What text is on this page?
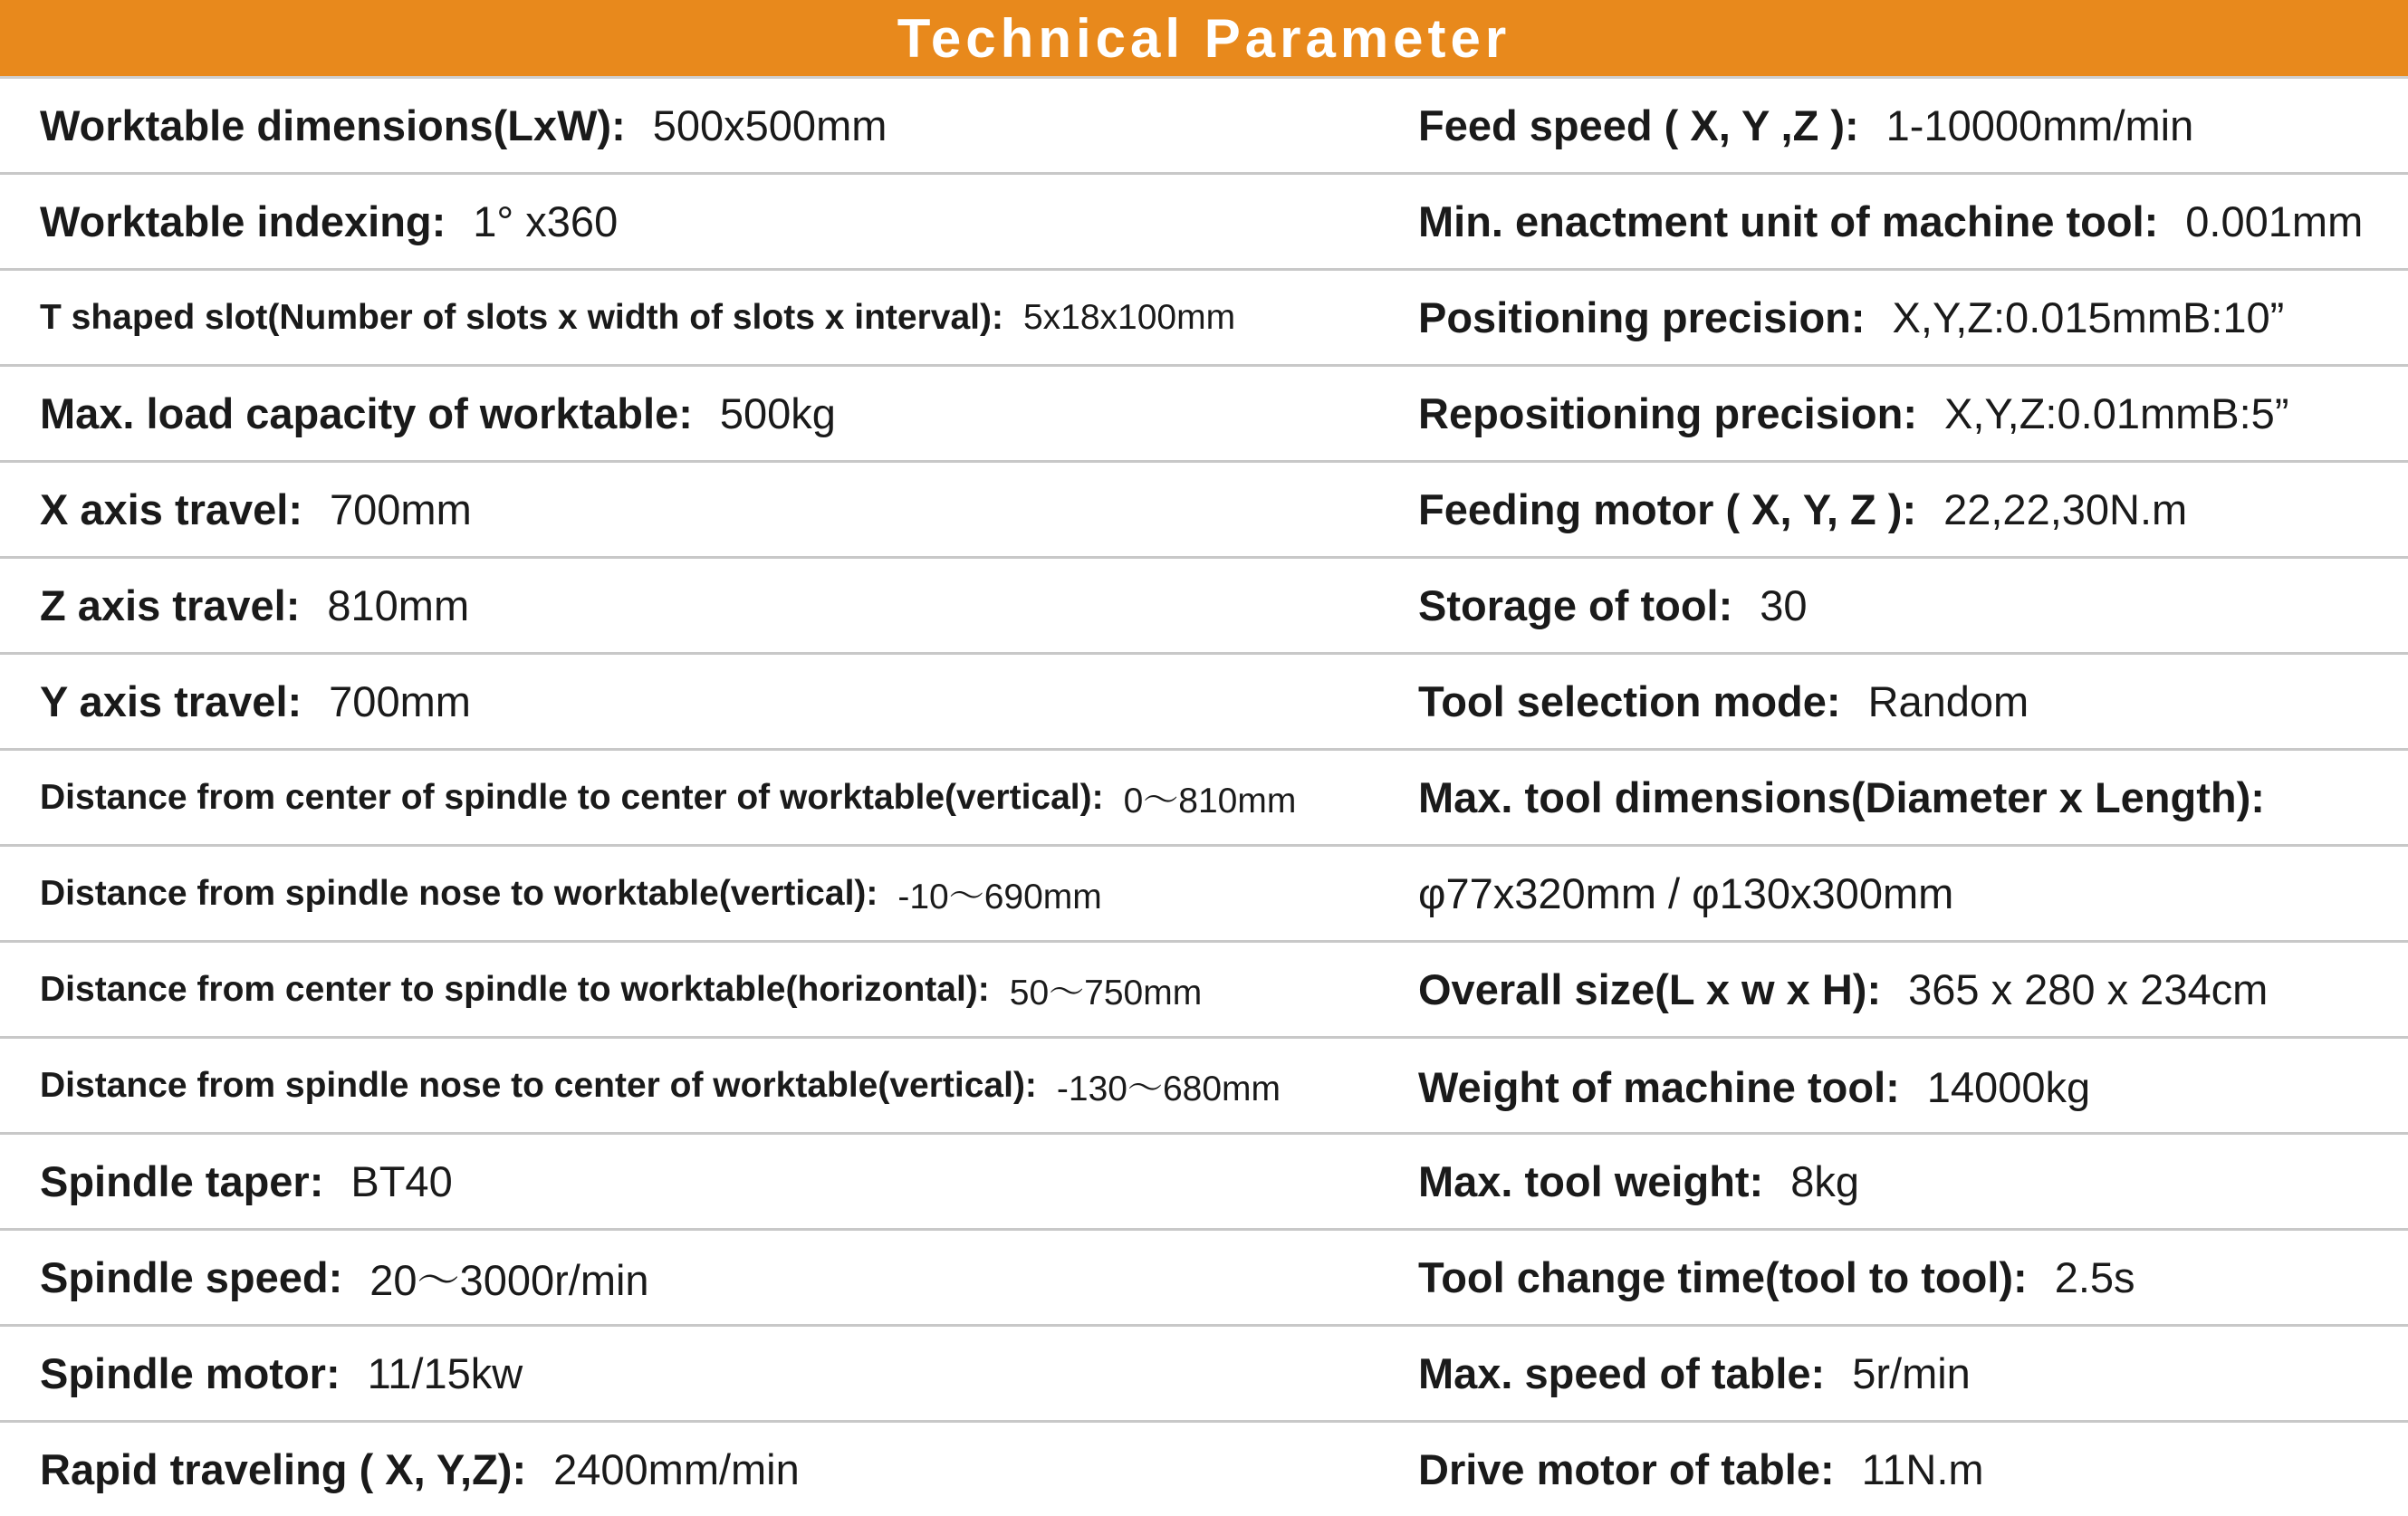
Technical Parameter
Worktable dimensions(LxW): 500x500mm	Feed speed ( X, Y ,Z ): 1-10000mm/min
Worktable indexing: 1° x360	Min. enactment unit of machine tool: 0.001mm
T shaped slot(Number of slots x width of slots x interval): 5x18x100mm	Positioning precision: X,Y,Z:0.015mmB:10”
Max. load capacity of worktable: 500kg	Repositioning precision: X,Y,Z:0.01mmB:5”
X axis travel: 700mm	Feeding motor ( X, Y, Z ): 22,22,30N.m
Z axis travel: 810mm	Storage of tool: 30
Y axis travel: 700mm	Tool selection mode: Random
Distance from center of spindle to center of worktable(vertical): 0～810mm	Max. tool dimensions(Diameter x Length):
Distance from spindle nose to worktable(vertical): -10～690mm	φ77x320mm / φ130x300mm
Distance from center to spindle to worktable(horizontal): 50～750mm	Overall size(L x w x H): 365 x 280 x 234cm
Distance from spindle nose to center of worktable(vertical): -130～680mm	Weight of machine tool: 14000kg
Spindle taper: BT40	Max. tool weight: 8kg
Spindle speed: 20～3000r/min	Tool change time(tool to tool): 2.5s
Spindle motor: 11/15kw	Max. speed of table: 5r/min
Rapid traveling ( X, Y,Z): 2400mm/min	Drive motor of table: 11N.m
